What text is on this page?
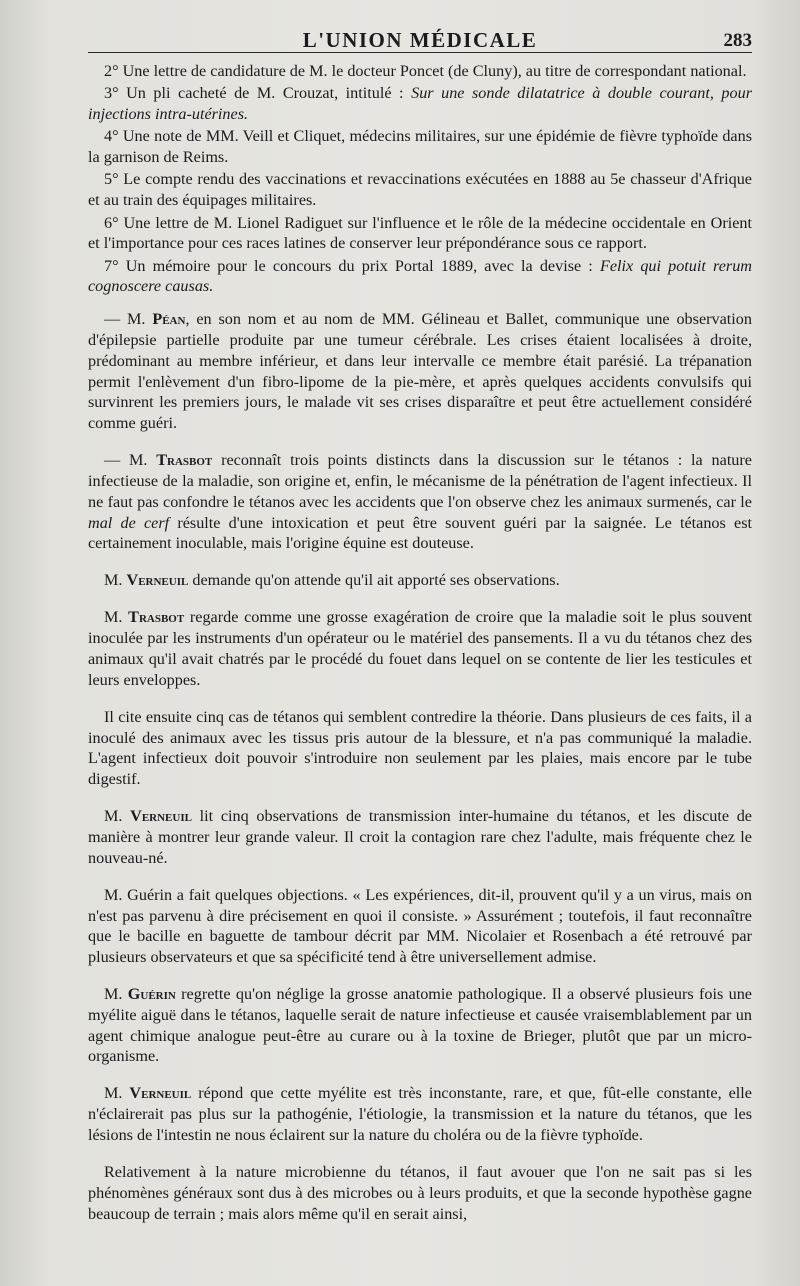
L'UNION MÉDICALE	283

2° Une lettre de candidature de M. le docteur Poncet (de Cluny), au titre de correspondant national.

3° Un pli cacheté de M. Crouzat, intitulé : Sur une sonde dilatatrice à double courant, pour injections intra-utérines.

4° Une note de MM. Veill et Cliquet, médecins militaires, sur une épidémie de fièvre typhoïde dans la garnison de Reims.

5° Le compte rendu des vaccinations et revaccinations exécutées en 1888 au 5e chasseur d'Afrique et au train des équipages militaires.

6° Une lettre de M. Lionel Radiguet sur l'influence et le rôle de la médecine occidentale en Orient et l'importance pour ces races latines de conserver leur prépondérance sous ce rapport.

7° Un mémoire pour le concours du prix Portal 1889, avec la devise : Felix qui potuit rerum cognoscere causas.

— M. Péan, en son nom et au nom de MM. Gélineau et Ballet, communique une observation d'épilepsie partielle produite par une tumeur cérébrale. Les crises étaient localisées à droite, prédominant au membre inférieur, et dans leur intervalle ce membre était parésié. La trépanation permit l'enlèvement d'un fibro-lipome de la pie-mère, et après quelques accidents convulsifs qui survinrent les premiers jours, le malade vit ses crises disparaître et peut être actuellement considéré comme guéri.

— M. Trasbot reconnaît trois points distincts dans la discussion sur le tétanos : la nature infectieuse de la maladie, son origine et, enfin, le mécanisme de la pénétration de l'agent infectieux. Il ne faut pas confondre le tétanos avec les accidents que l'on observe chez les animaux surmenés, car le mal de cerf résulte d'une intoxication et peut être souvent guéri par la saignée. Le tétanos est certainement inoculable, mais l'origine équine est douteuse.

M. Verneuil demande qu'on attende qu'il ait apporté ses observations.

M. Trasbot regarde comme une grosse exagération de croire que la maladie soit le plus souvent inoculée par les instruments d'un opérateur ou le matériel des pansements. Il a vu du tétanos chez des animaux qu'il avait chatrés par le procédé du fouet dans lequel on se contente de lier les testicules et leurs enveloppes.

Il cite ensuite cinq cas de tétanos qui semblent contredire la théorie. Dans plusieurs de ces faits, il a inoculé des animaux avec les tissus pris autour de la blessure, et n'a pas communiqué la maladie. L'agent infectieux doit pouvoir s'introduire non seulement par les plaies, mais encore par le tube digestif.

M. Verneuil lit cinq observations de transmission inter-humaine du tétanos, et les discute de manière à montrer leur grande valeur. Il croit la contagion rare chez l'adulte, mais fréquente chez le nouveau-né.

M. Guérin a fait quelques objections. « Les expériences, dit-il, prouvent qu'il y a un virus, mais on n'est pas parvenu à dire précisement en quoi il consiste. » Assurément ; toutefois, il faut reconnaître que le bacille en baguette de tambour décrit par MM. Nicolaier et Rosenbach a été retrouvé par plusieurs observateurs et que sa spécificité tend à être universellement admise.

M. Guérin regrette qu'on néglige la grosse anatomie pathologique. Il a observé plusieurs fois une myélite aiguë dans le tétanos, laquelle serait de nature infectieuse et causée vraisemblablement par un agent chimique analogue peut-être au curare ou à la toxine de Brieger, plutôt que par un micro-organisme.

M. Verneuil répond que cette myélite est très inconstante, rare, et que, fût-elle constante, elle n'éclairerait pas plus sur la pathogénie, l'étiologie, la transmission et la nature du tétanos, que les lésions de l'intestin ne nous éclairent sur la nature du choléra ou de la fièvre typhoïde.

Relativement à la nature microbienne du tétanos, il faut avouer que l'on ne sait pas si les phénomènes généraux sont dus à des microbes ou à leurs produits, et que la seconde hypothèse gagne beaucoup de terrain ; mais alors même qu'il en serait ainsi,
